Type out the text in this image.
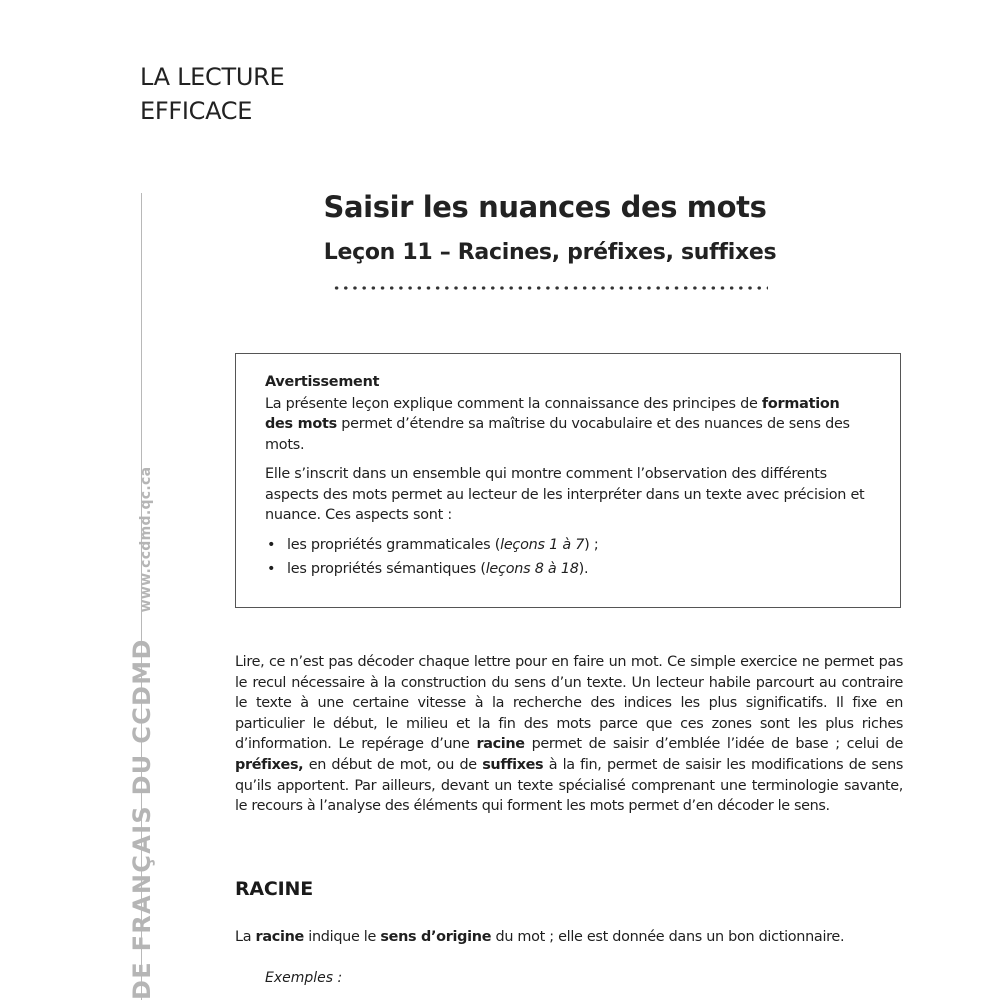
LA LECTURE
EFFICACE
DE FRANÇAIS DU CCDMDwww.ccdmd.qc.ca
Saisir les nuances des mots
Leçon 11 – Racines, préfixes, suffixes
Avertissement

La présente leçon explique comment la connaissance des principes de formation des mots permet d’étendre sa maîtrise du vocabulaire et des nuances de sens des mots.

Elle s’inscrit dans un ensemble qui montre comment l’observation des différents aspects des mots permet au lecteur de les interpréter dans un texte avec précision et nuance. Ces aspects sont :

• les propriétés grammaticales (leçons 1 à 7) ;
• les propriétés sémantiques (leçons 8 à 18).

Lire, ce n’est pas décoder chaque lettre pour en faire un mot. Ce simple exercice ne permet pas le recul nécessaire à la construction du sens d’un texte. Un lecteur habile parcourt au contraire le texte à une certaine vitesse à la recherche des indices les plus significatifs. Il fixe en particulier le début, le milieu et la fin des mots parce que ces zones sont les plus riches d’information. Le repérage d’une racine permet de saisir d’emblée l’idée de base ; celui de préfixes, en début de mot, ou de suffixes à la fin, permet de saisir les modifications de sens qu’ils apportent. Par ailleurs, devant un texte spécialisé comprenant une terminologie savante, le recours à l’analyse des éléments qui forment les mots permet d’en décoder le sens.

RACINE
La racine indique le sens d’origine du mot ; elle est donnée dans un bon dictionnaire.
Exemples :
